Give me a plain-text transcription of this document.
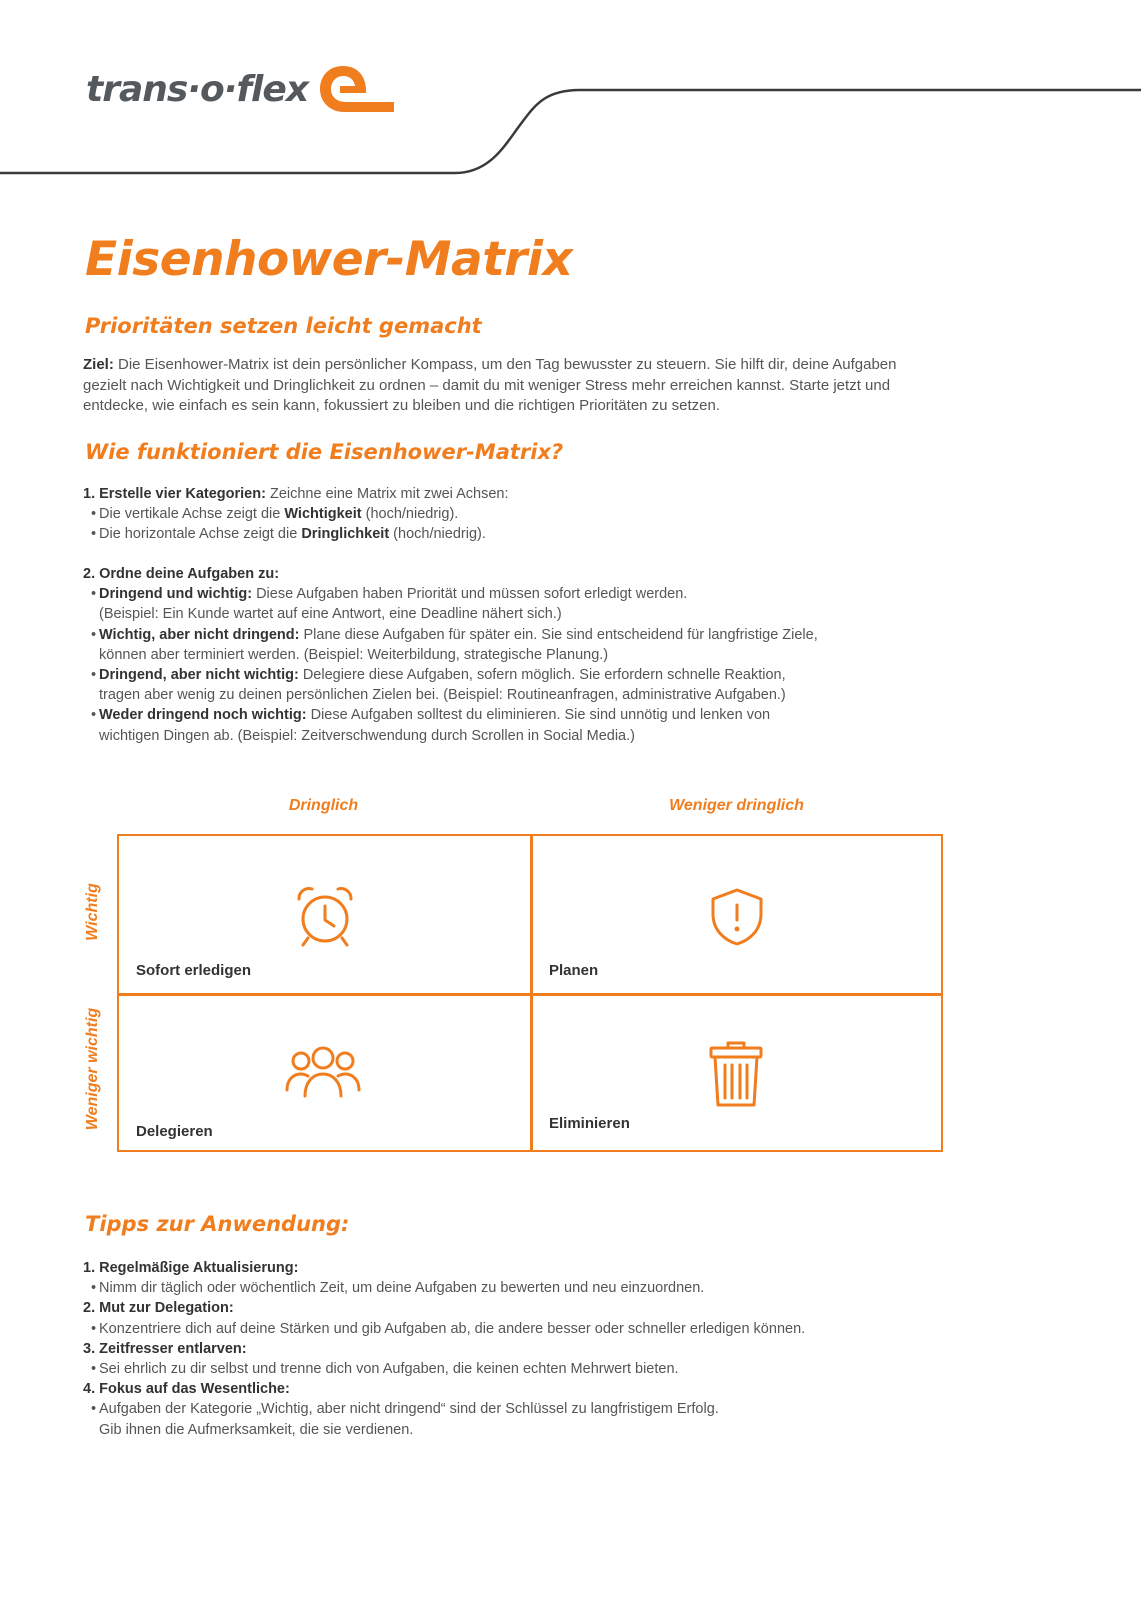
trans·o·flex
Eisenhower-Matrix
Prioritäten setzen leicht gemacht

Ziel: Die Eisenhower-Matrix ist dein persönlicher Kompass, um den Tag bewusster zu steuern. Sie hilft dir, deine Aufgaben
gezielt nach Wichtigkeit und Dringlichkeit zu ordnen – damit du mit weniger Stress mehr erreichen kannst. Starte jetzt und
entdecke, wie einfach es sein kann, fokussiert zu bleiben und die richtigen Prioritäten zu setzen.

Wie funktioniert die Eisenhower-Matrix?
1. Erstelle vier Kategorien: Zeichne eine Matrix mit zwei Achsen:
• Die vertikale Achse zeigt die Wichtigkeit (hoch/niedrig).
• Die horizontale Achse zeigt die Dringlichkeit (hoch/niedrig).
2. Ordne deine Aufgaben zu:
• Dringend und wichtig: Diese Aufgaben haben Priorität und müssen sofort erledigt werden.
(Beispiel: Ein Kunde wartet auf eine Antwort, eine Deadline nähert sich.)
• Wichtig, aber nicht dringend: Plane diese Aufgaben für später ein. Sie sind entscheidend für langfristige Ziele,
können aber terminiert werden. (Beispiel: Weiterbildung, strategische Planung.)
• Dringend, aber nicht wichtig: Delegiere diese Aufgaben, sofern möglich. Sie erfordern schnelle Reaktion,
tragen aber wenig zu deinen persönlichen Zielen bei. (Beispiel: Routineanfragen, administrative Aufgaben.)
• Weder dringend noch wichtig: Diese Aufgaben solltest du eliminieren. Sie sind unnötig und lenken von
wichtigen Dingen ab. (Beispiel: Zeitverschwendung durch Scrollen in Social Media.)
Dringlich	Weniger dringlich
Wichtig
Weniger wichtig
Sofort erledigen	Planen
Delegieren	Eliminieren
Tipps zur Anwendung:
1. Regelmäßige Aktualisierung:
• Nimm dir täglich oder wöchentlich Zeit, um deine Aufgaben zu bewerten und neu einzuordnen.
2. Mut zur Delegation:
• Konzentriere dich auf deine Stärken und gib Aufgaben ab, die andere besser oder schneller erledigen können.
3. Zeitfresser entlarven:
• Sei ehrlich zu dir selbst und trenne dich von Aufgaben, die keinen echten Mehrwert bieten.
4. Fokus auf das Wesentliche:
• Aufgaben der Kategorie „Wichtig, aber nicht dringend“ sind der Schlüssel zu langfristigem Erfolg.
Gib ihnen die Aufmerksamkeit, die sie verdienen.
